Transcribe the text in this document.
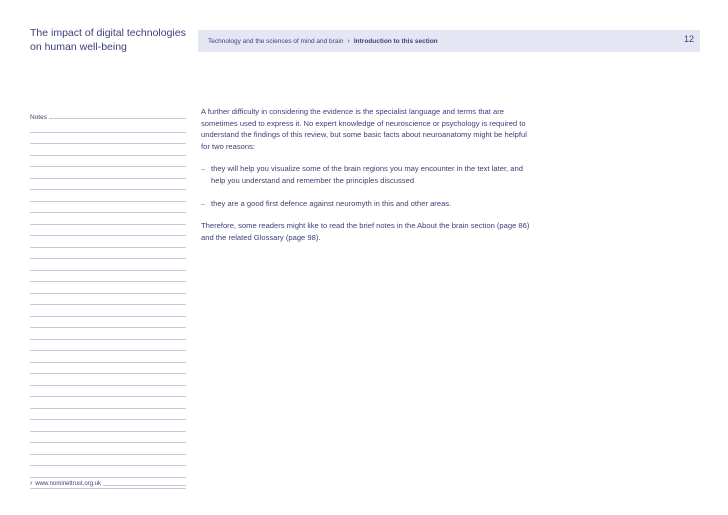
The impact of digital technologies
on human well-being	Technology and the sciences of mind and brain › Introduction to this section	12
Notes
› www.nominettrust.org.uk

A further difficulty in considering the evidence is the specialist language and terms that are sometimes used to express it. No expert knowledge of neuroscience or psychology is required to understand the findings of this review, but some basic facts about neuroanatomy might be helpful for two reasons:

– they will help you visualize some of the brain regions you may encounter in the text later, and help you understand and remember the principles discussed
– they are a good first defence against neuromyth in this and other areas.

Therefore, some readers might like to read the brief notes in the About the brain section (page 86) and the related Glossary (page 98).
